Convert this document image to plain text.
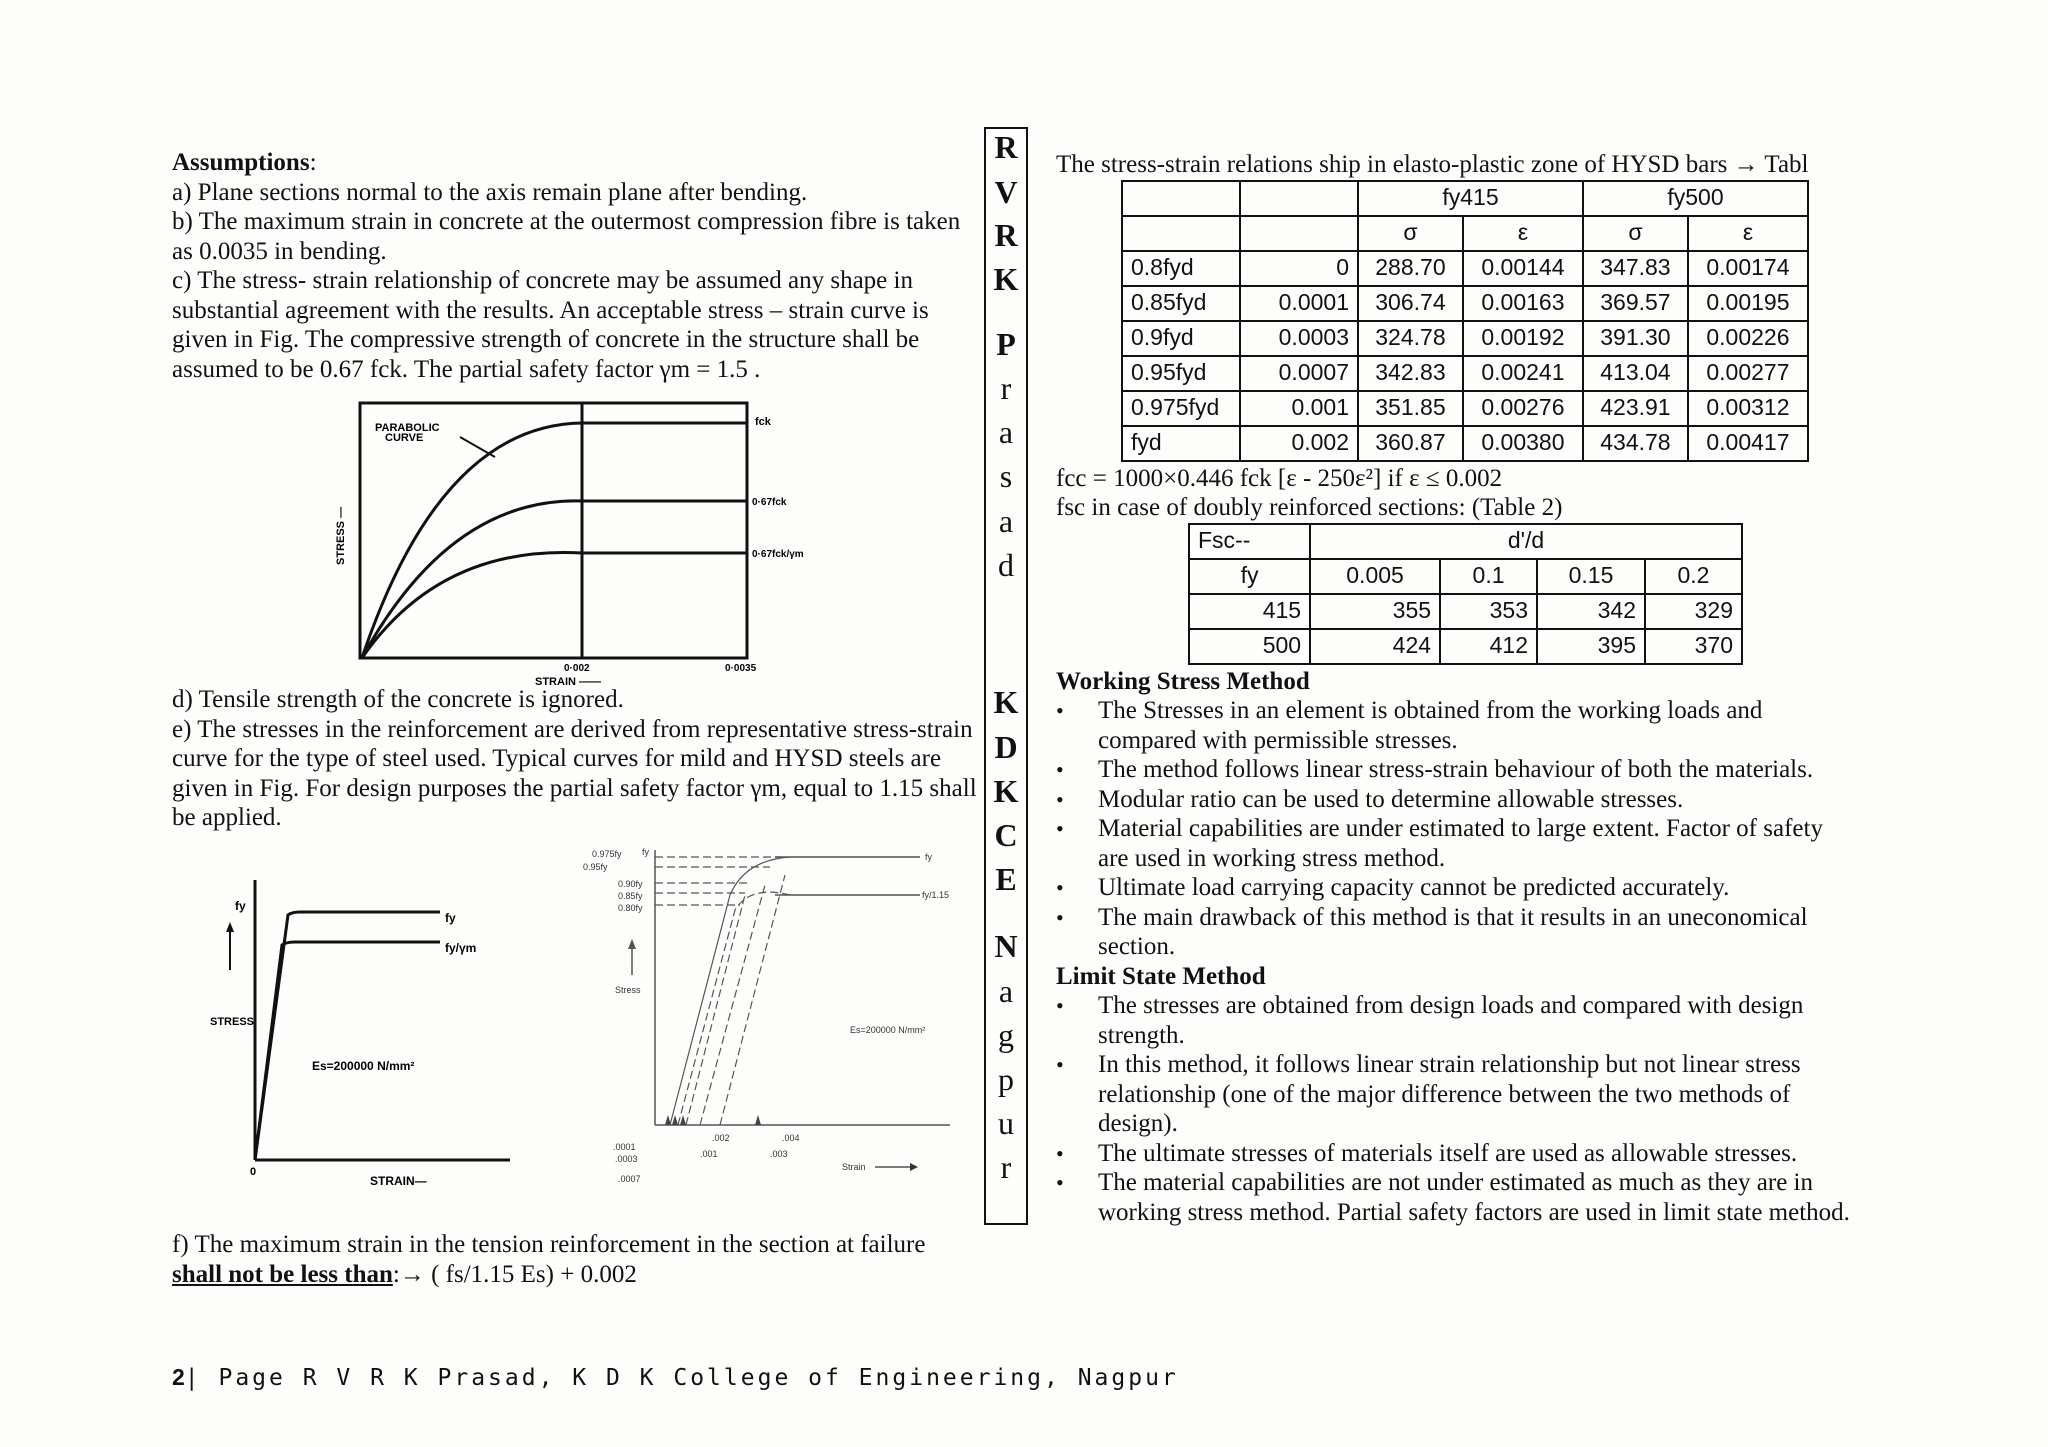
Assumptions:

a) Plane sections normal to the axis remain plane after bending.

b) The maximum strain in concrete at the outermost compression fibre is taken as 0.0035 in bending.

c) The stress- strain relationship of concrete may be assumed any shape in substantial agreement with the results. An acceptable stress – strain curve is given in Fig. The compressive strength of concrete in the structure shall be assumed to be 0.67 fck. The partial safety factor γm = 1.5 .

PARABOLIC
CURVE
fck
0·67fck
0·67fck/γm
0·002	0·0035
STRAIN ——
STRESS —

d) Tensile strength of the concrete is ignored.

e) The stresses in the reinforcement are derived from representative stress-strain curve for the type of steel used. Typical curves for mild and HYSD steels are given in Fig. For design purposes the partial safety factor γm, equal to 1.15 shall be applied.

fy
fy
fy/γm
STRESS
Es=200000 N/mm²
0
STRAIN—
0.975fy fy
0.95fy
0.90fy
0.85fy
0.80fy
fy
fy/1.15
Stress
Es=200000 N/mm²
.0001
.0003
.0007
.001
.002
.003
.004
Strain

f) The maximum strain in the tension reinforcement in the section at failure

shall not be less than:→ ( fs/1.15 Es) + 0.002

R
V
R
K
P
r
a
s
a
d
K
D
K
C
E
N
a
g
p
u
r
The stress-strain relations ship in elasto-plastic zone of HYSD bars → Tabl
		fy415		fy500	
		σ	ε	σ	ε
0.8fyd	0	288.70	0.00144	347.83	0.00174
0.85fyd	0.0001	306.74	0.00163	369.57	0.00195
0.9fyd	0.0003	324.78	0.00192	391.30	0.00226
0.95fyd	0.0007	342.83	0.00241	413.04	0.00277
0.975fyd	0.001	351.85	0.00276	423.91	0.00312
fyd	0.002	360.87	0.00380	434.78	0.00417
fcc = 1000×0.446 fck [ε - 250ε²] if ε ≤ 0.002
fsc in case of doubly reinforced sections: (Table 2)
Fsc--	d'/d			
fy	0.005	0.1	0.15	0.2
415	355	353	342	329
500	424	412	395	370
Working Stress Method
• The Stresses in an element is obtained from the working loads and compared with permissible stresses.
• The method follows linear stress-strain behaviour of both the materials.
• Modular ratio can be used to determine allowable stresses.
• Material capabilities are under estimated to large extent. Factor of safety are used in working stress method.
• Ultimate load carrying capacity cannot be predicted accurately.
• The main drawback of this method is that it results in an uneconomical section.
Limit State Method
• The stresses are obtained from design loads and compared with design strength.
• In this method, it follows linear strain relationship but not linear stress relationship (one of the major difference between the two methods of design).
• The ultimate stresses of materials itself are used as allowable stresses.
• The material capabilities are not under estimated as much as they are in working stress method. Partial safety factors are used in limit state method.
2| Page R V R K Prasad, K D K College of Engineering, Nagpur
